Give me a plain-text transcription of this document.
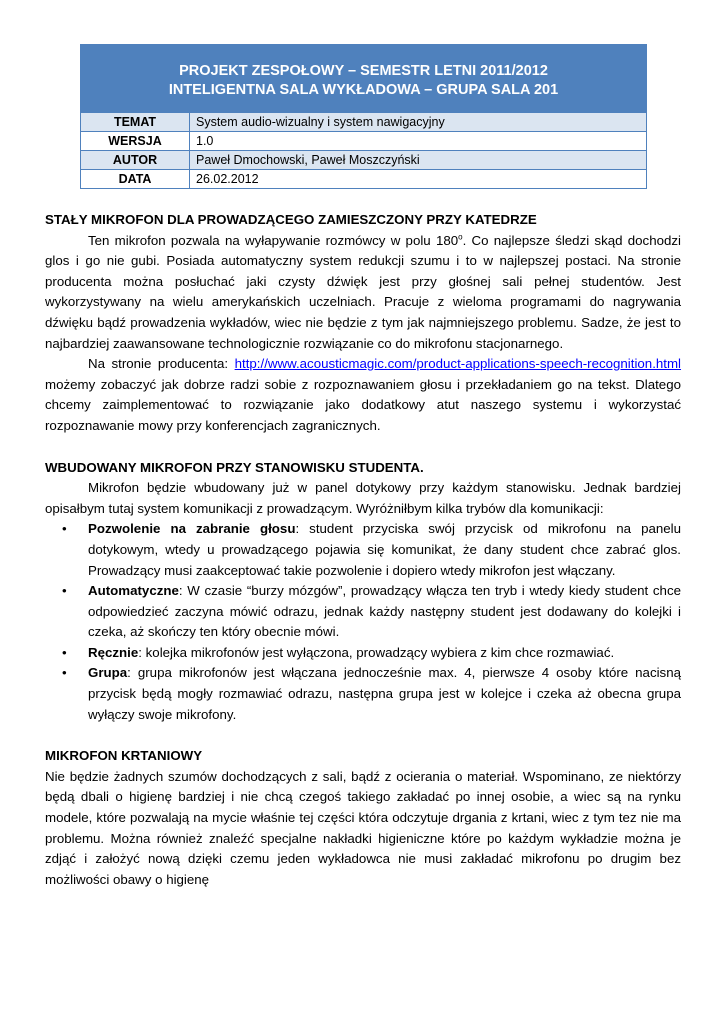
PROJEKT ZESPOŁOWY – SEMESTR LETNI 2011/2012
INTELIGENTNA SALA WYKŁADOWA – GRUPA SALA 201
TEMAT	System audio-wizualny i system nawigacyjny
WERSJA	1.0
AUTOR	Paweł Dmochowski, Paweł Moszczyński
DATA	26.02.2012

STAŁY MIKROFON DLA PROWADZĄCEGO ZAMIESZCZONY PRZY KATEDRZE

Ten mikrofon pozwala na wyłapywanie rozmówcy w polu 180$^o$. Co najlepsze śledzi skąd dochodzi glos i go nie gubi. Posiada automatyczny system redukcji szumu i to w najlepszej postaci. Na stronie producenta można posłuchać jaki czysty dźwięk jest przy głośnej sali pełnej studentów. Jest wykorzystywany na wielu amerykańskich uczelniach. Pracuje z wieloma programami do nagrywania dźwięku bądź prowadzenia wykładów, wiec nie będzie z tym jak najmniejszego problemu. Sadze, że jest to najbardziej zaawansowane technologicznie rozwiązanie co do mikrofonu stacjonarnego.

Na stronie producenta: http://www.acousticmagic.com/product-applications-speech-recognition.html możemy zobaczyć jak dobrze radzi sobie z rozpoznawaniem głosu i przekładaniem go na tekst. Dlatego chcemy zaimplementować to rozwiązanie jako dodatkowy atut naszego systemu i wykorzystać rozpoznawanie mowy przy konferencjach zagranicznych.

WBUDOWANY MIKROFON PRZY STANOWISKU STUDENTA.

Mikrofon będzie wbudowany już w panel dotykowy przy każdym stanowisku. Jednak bardziej opisałbym tutaj system komunikacji z prowadzącym. Wyróżniłbym kilka trybów dla komunikacji:

• Pozwolenie na zabranie głosu: student przyciska swój przycisk od mikrofonu na panelu dotykowym, wtedy u prowadzącego pojawia się komunikat, że dany student chce zabrać glos. Prowadzący musi zaakceptować takie pozwolenie i dopiero wtedy mikrofon jest włączany.
• Automatyczne: W czasie “burzy mózgów”, prowadzący włącza ten tryb i wtedy kiedy student chce odpowiedzieć zaczyna mówić odrazu, jednak każdy następny student jest dodawany do kolejki i czeka, aż skończy ten który obecnie mówi.
• Ręcznie: kolejka mikrofonów jest wyłączona, prowadzący wybiera z kim chce rozmawiać.
• Grupa: grupa mikrofonów jest włączana jednocześnie max. 4, pierwsze 4 osoby które nacisną przycisk będą mogły rozmawiać odrazu, następna grupa jest w kolejce i czeka aż obecna grupa wyłączy swoje mikrofony.

MIKROFON KRTANIOWY

Nie będzie żadnych szumów dochodzących z sali, bądź z ocierania o materiał. Wspominano, ze niektórzy będą dbali o higienę bardziej i nie chcą czegoś takiego zakładać po innej osobie, a wiec są na rynku modele, które pozwalają na mycie właśnie tej części która odczytuje drgania z krtani, wiec z tym tez nie ma problemu. Można również znaleźć specjalne nakładki higieniczne które po każdym wykładzie można je zdjąć i założyć nową dzięki czemu jeden wykładowca nie musi zakładać mikrofonu po drugim bez możliwości obawy o higienę
